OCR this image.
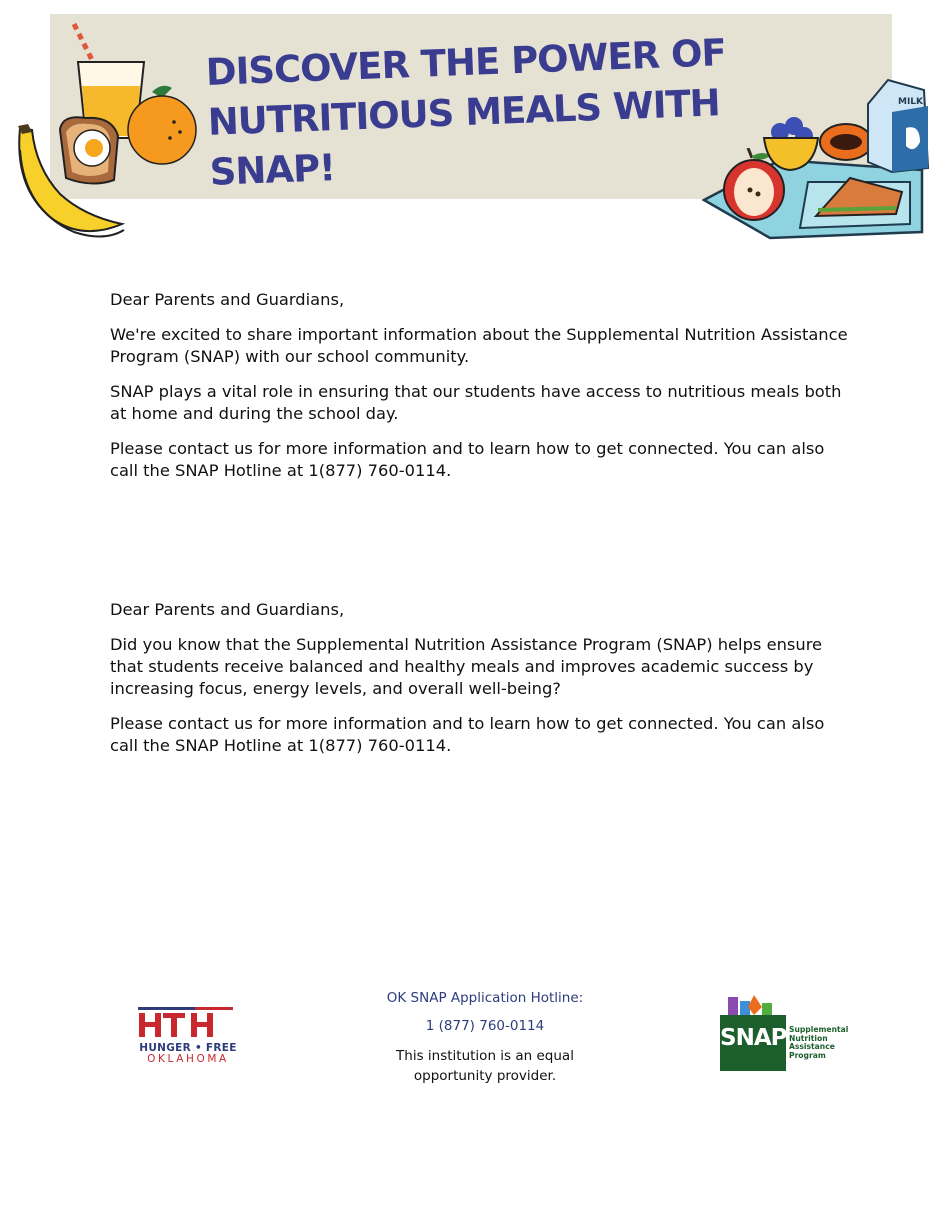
MILK
DISCOVER THE POWER OF
NUTRITIOUS MEALS WITH SNAP!

Dear Parents and Guardians,

We're excited to share important information about the Supplemental Nutrition Assistance Program (SNAP) with our school community.

SNAP plays a vital role in ensuring that our students have access to nutritious meals both at home and during the school day.

Please contact us for more information and to learn how to get connected. You can also call the SNAP Hotline at 1(877) 760-0114.

Dear Parents and Guardians,

Did you know that the Supplemental Nutrition Assistance Program (SNAP) helps ensure that students receive balanced and healthy meals and improves academic success by increasing focus, energy levels, and overall well-being?

Please contact us for more information and to learn how to get connected. You can also call the SNAP Hotline at 1(877) 760-0114.

HUNGER • FREE
OKLAHOMA

OK SNAP Application Hotline:

1 (877) 760-0114

This institution is an equal opportunity provider.

SNAP Supplemental
Nutrition
Assistance
Program
